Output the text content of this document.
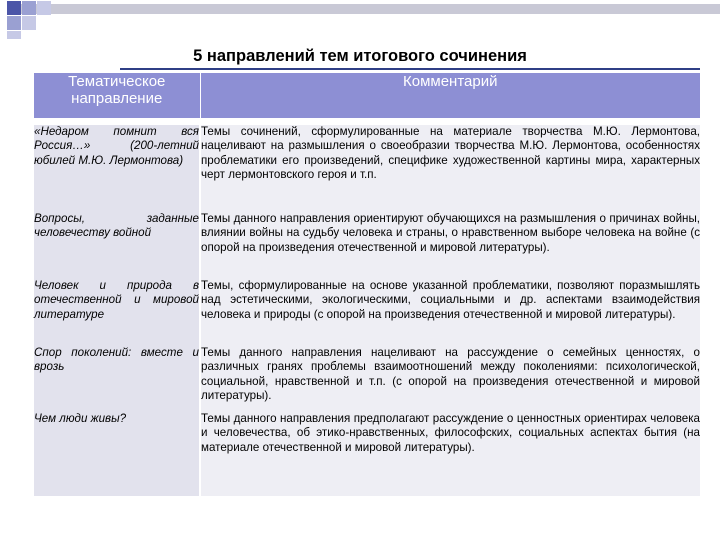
5 направлений тем итогового сочинения
Тематическое направление	Комментарий

«Недаром помнит вся Россия…» (200-летний юбилей М.Ю. Лермонтова)	Темы сочинений, сформулированные на материале творчества М.Ю. Лермонтова, нацеливают на размышления о своеобразии творчества М.Ю. Лермонтова, особенностях проблематики его произведений, специфике художественной картины мира, характерных черт лермонтовского героя и т.п.
Вопросы, заданные человечеству войной	Темы данного направления ориентируют обучающихся на размышления о причинах войны, влиянии войны на судьбу человека и страны, о нравственном выборе человека на войне (с опорой на произведения отечественной и мировой литературы).
Человек и природа в отечественной и мировой литературе	Темы, сформулированные на основе указанной проблематики, позволяют поразмышлять над эстетическими, экологическими, социальными и др. аспектами взаимодействия человека и природы (с опорой на произведения отечественной и мировой литературы).
Спор поколений: вместе и врозь	Темы данного направления нацеливают на рассуждение о семейных ценностях, о различных гранях проблемы взаимоотношений между поколениями: психологической, социальной, нравственной и т.п. (с опорой на произведения отечественной и мировой литературы).
Чем люди живы?	Темы данного направления предполагают рассуждение о ценностных ориентирах человека и человечества, об этико-нравственных, философских, социальных аспектах бытия (на материале отечественной и мировой литературы).
